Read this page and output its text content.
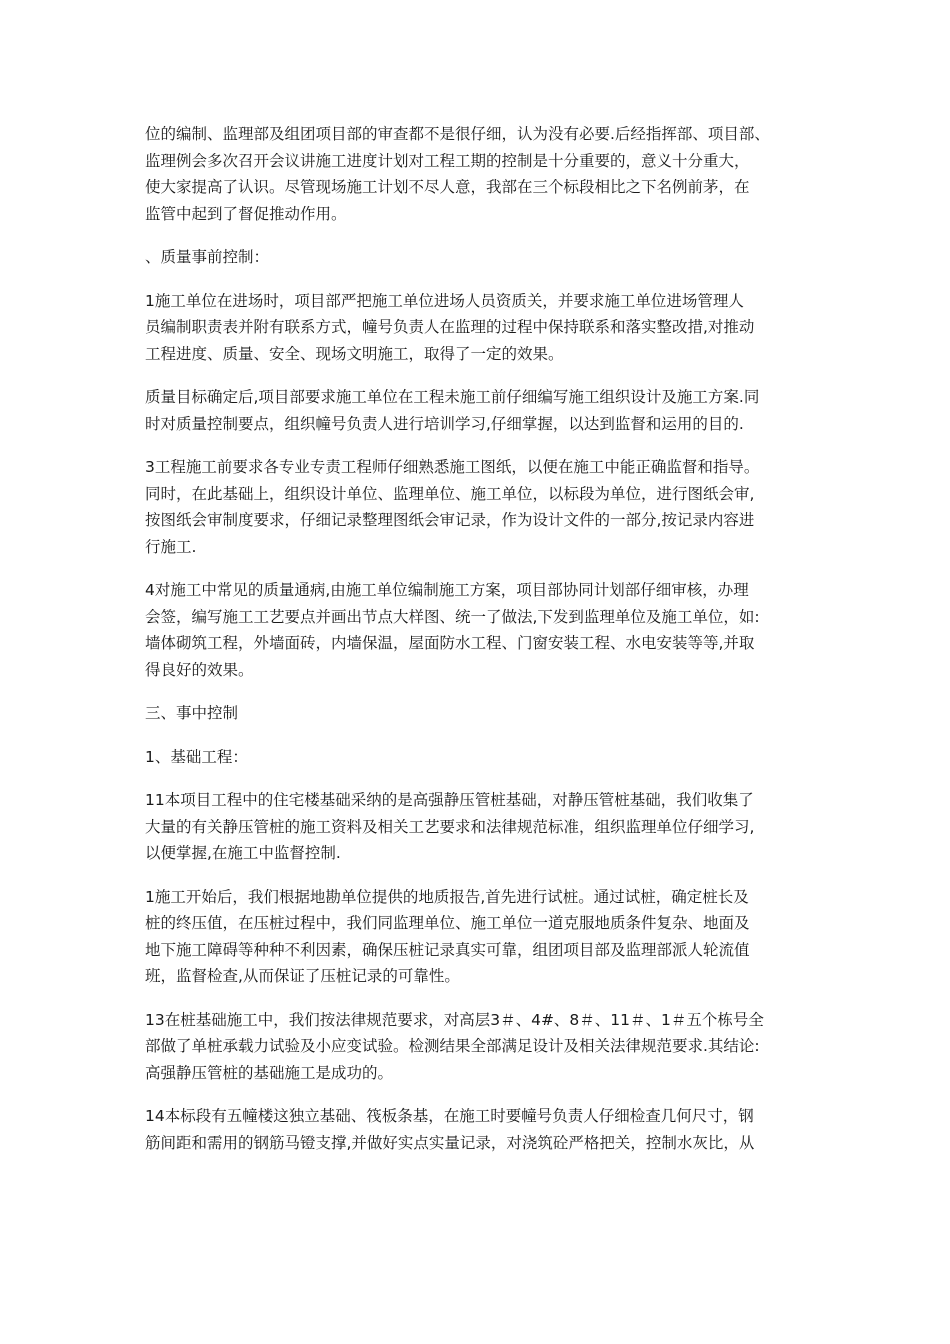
位的编制、监理部及组团项目部的审查都不是很仔细，认为没有必要.后经指挥部、项目部、
监理例会多次召开会议讲施工进度计划对工程工期的控制是十分重要的，意义十分重大，
使大家提高了认识。尽管现场施工计划不尽人意，我部在三个标段相比之下名例前茅，在
监管中起到了督促推动作用。
、质量事前控制：
1施工单位在进场时，项目部严把施工单位进场人员资质关，并要求施工单位进场管理人
员编制职责表并附有联系方式，幢号负责人在监理的过程中保持联系和落实整改措,对推动
工程进度、质量、安全、现场文明施工，取得了一定的效果。
质量目标确定后,项目部要求施工单位在工程未施工前仔细编写施工组织设计及施工方案.同
时对质量控制要点，组织幢号负责人进行培训学习,仔细掌握，以达到监督和运用的目的.
3工程施工前要求各专业专责工程师仔细熟悉施工图纸，以便在施工中能正确监督和指导。
同时，在此基础上，组织设计单位、监理单位、施工单位，以标段为单位，进行图纸会审,
按图纸会审制度要求，仔细记录整理图纸会审记录，作为设计文件的一部分,按记录内容进
行施工.
4对施工中常见的质量通病,由施工单位编制施工方案，项目部协同计划部仔细审核，办理
会签，编写施工工艺要点并画出节点大样图、统一了做法,下发到监理单位及施工单位，如:
墙体砌筑工程，外墙面砖，内墙保温，屋面防水工程、门窗安装工程、水电安装等等,并取
得良好的效果。
三、事中控制
1、基础工程：
11本项目工程中的住宅楼基础采纳的是高强静压管桩基础，对静压管桩基础，我们收集了
大量的有关静压管桩的施工资料及相关工艺要求和法律规范标准，组织监理单位仔细学习,
以便掌握,在施工中监督控制.
1施工开始后，我们根据地勘单位提供的地质报告,首先进行试桩。通过试桩，确定桩长及
桩的终压值，在压桩过程中，我们同监理单位、施工单位一道克服地质条件复杂、地面及
地下施工障碍等种种不利因素，确保压桩记录真实可靠，组团项目部及监理部派人轮流值
班，监督检查,从而保证了压桩记录的可靠性。
13在桩基础施工中，我们按法律规范要求，对高层3＃、4#、8＃、11＃、1＃五个栋号全
部做了单桩承载力试验及小应变试验。检测结果全部满足设计及相关法律规范要求.其结论:
高强静压管桩的基础施工是成功的。
14本标段有五幢楼这独立基础、筏板条基，在施工时要幢号负责人仔细检查几何尺寸，钢
筋间距和需用的钢筋马镫支撑,并做好实点实量记录，对浇筑砼严格把关，控制水灰比，从
